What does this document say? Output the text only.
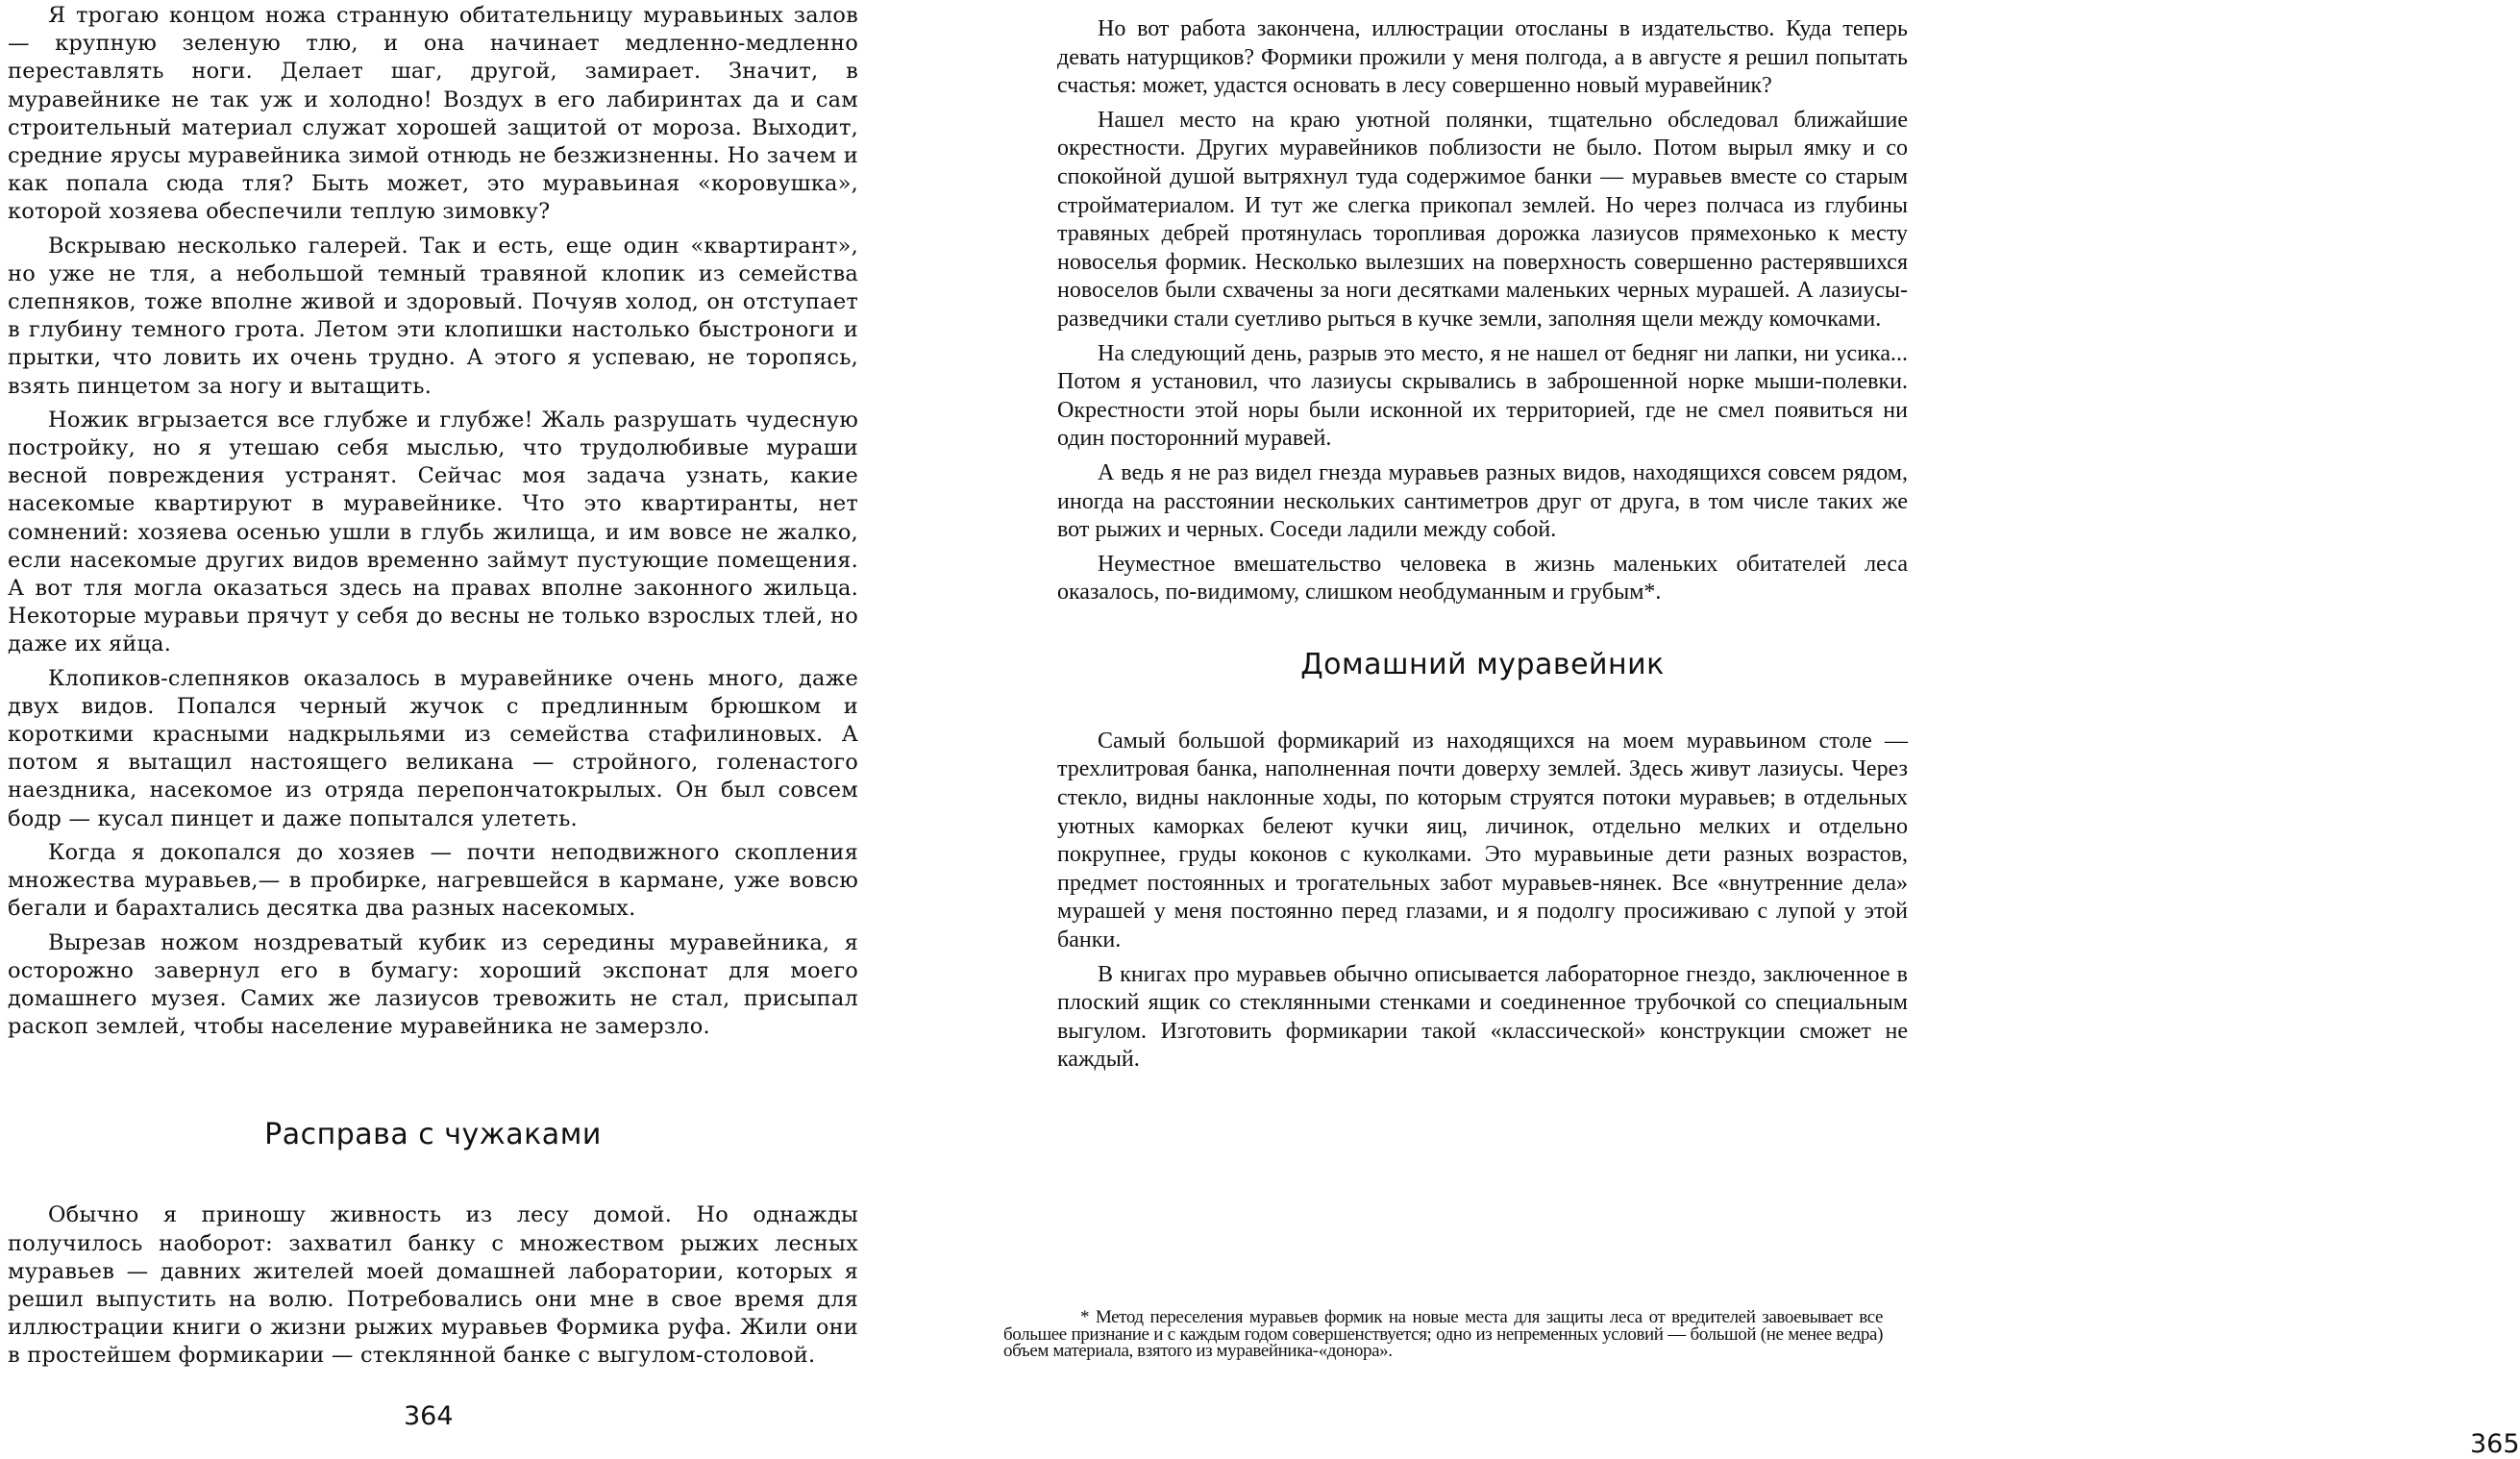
Я трогаю концом ножа странную обитательницу муравьиных залов — крупную зеленую тлю, и она начинает медленно-медленно переставлять ноги. Делает шаг, другой, замирает. Значит, в муравейнике не так уж и холодно! Воздух в его лабиринтах да и сам строительный материал служат хорошей защитой от мороза. Выходит, средние ярусы муравейника зимой отнюдь не безжизненны. Но зачем и как попала сюда тля? Быть может, это муравьиная «коровушка», которой хозяева обеспечили теплую зимовку?

Вскрываю несколько галерей. Так и есть, еще один «квартирант», но уже не тля, а небольшой темный травяной клопик из семейства слепняков, тоже вполне живой и здоровый. Почуяв холод, он отступает в глубину темного грота. Летом эти клопишки настолько быстроноги и прытки, что ловить их очень трудно. А этого я успеваю, не торопясь, взять пинцетом за ногу и вытащить.

Ножик вгрызается все глубже и глубже! Жаль разрушать чудесную постройку, но я утешаю себя мыслью, что трудолюбивые мураши весной повреждения устранят. Сейчас моя задача узнать, какие насекомые квартируют в муравейнике. Что это квартиранты, нет сомнений: хозяева осенью ушли в глубь жилища, и им вовсе не жалко, если насекомые других видов временно займут пустующие помещения. А вот тля могла оказаться здесь на правах вполне законного жильца. Некоторые муравьи прячут у себя до весны не только взрослых тлей, но даже их яйца.

Клопиков-слепняков оказалось в муравейнике очень много, даже двух видов. Попался черный жучок с предлинным брюшком и короткими красными надкрыльями из семейства стафилиновых. А потом я вытащил настоящего великана — стройного, голенастого наездника, насекомое из отряда перепончатокрылых. Он был совсем бодр — кусал пинцет и даже попытался улететь.

Когда я докопался до хозяев — почти неподвижного скопления множества муравьев,— в пробирке, нагревшейся в кармане, уже вовсю бегали и барахтались десятка два разных насекомых.

Вырезав ножом ноздреватый кубик из середины муравейника, я осторожно завернул его в бумагу: хороший экспонат для моего домашнего музея. Самих же лазиусов тревожить не стал, присыпал раскоп землей, чтобы население муравейника не замерзло.

Расправа с чужаками

Обычно я приношу живность из лесу домой. Но однажды получилось наоборот: захватил банку с множеством рыжих лесных муравьев — давних жителей моей домашней лаборатории, которых я решил выпустить на волю. Потребовались они мне в свое время для иллюстрации книги о жизни рыжих муравьев Формика руфа. Жили они в простейшем формикарии — стеклянной банке с выгулом-столовой.

364

Но вот работа закончена, иллюстрации отосланы в издательство. Куда теперь девать натурщиков? Формики прожили у меня полгода, а в августе я решил попытать счастья: может, удастся основать в лесу совершенно новый муравейник?

Нашел место на краю уютной полянки, тщательно обследовал ближайшие окрестности. Других муравейников поблизости не было. Потом вырыл ямку и со спокойной душой вытряхнул туда содержимое банки — муравьев вместе со старым стройматериалом. И тут же слегка прикопал землей. Но через полчаса из глубины травяных дебрей протянулась торопливая дорожка лазиусов прямехонько к месту новоселья формик. Несколько вылезших на поверхность совершенно растерявшихся новоселов были схвачены за ноги десятками маленьких черных мурашей. А лазиусы-разведчики стали суетливо рыться в кучке земли, заполняя щели между комочками.

На следующий день, разрыв это место, я не нашел от бедняг ни лапки, ни усика... Потом я установил, что лазиусы скрывались в заброшенной норке мыши-полевки. Окрестности этой норы были исконной их территорией, где не смел появиться ни один посторонний муравей.

А ведь я не раз видел гнезда муравьев разных видов, находящихся совсем рядом, иногда на расстоянии нескольких сантиметров друг от друга, в том числе таких же вот рыжих и черных. Соседи ладили между собой.

Неуместное вмешательство человека в жизнь маленьких обитателей леса оказалось, по-видимому, слишком необдуманным и грубым*.

Домашний муравейник

Самый большой формикарий из находящихся на моем муравьином столе — трехлитровая банка, наполненная почти доверху землей. Здесь живут лазиусы. Через стекло, видны наклонные ходы, по которым струятся потоки муравьев; в отдельных уютных каморках белеют кучки яиц, личинок, отдельно мелких и отдельно покрупнее, груды коконов с куколками. Это муравьиные дети разных возрастов, предмет постоянных и трогательных забот муравьев-нянек. Все «внутренние дела» мурашей у меня постоянно перед глазами, и я подолгу просиживаю с лупой у этой банки.

В книгах про муравьев обычно описывается лабораторное гнездо, заключенное в плоский ящик со стеклянными стенками и соединенное трубочкой со специальным выгулом. Изготовить формикарии такой «классической» конструкции сможет не каждый.

365
* Метод переселения муравьев формик на новые места для защиты леса от вредителей завоевывает все большее признание и с каждым годом совершенствуется; одно из непременных условий — большой (не менее ведра) объем материала, взятого из муравейника-«донора».
